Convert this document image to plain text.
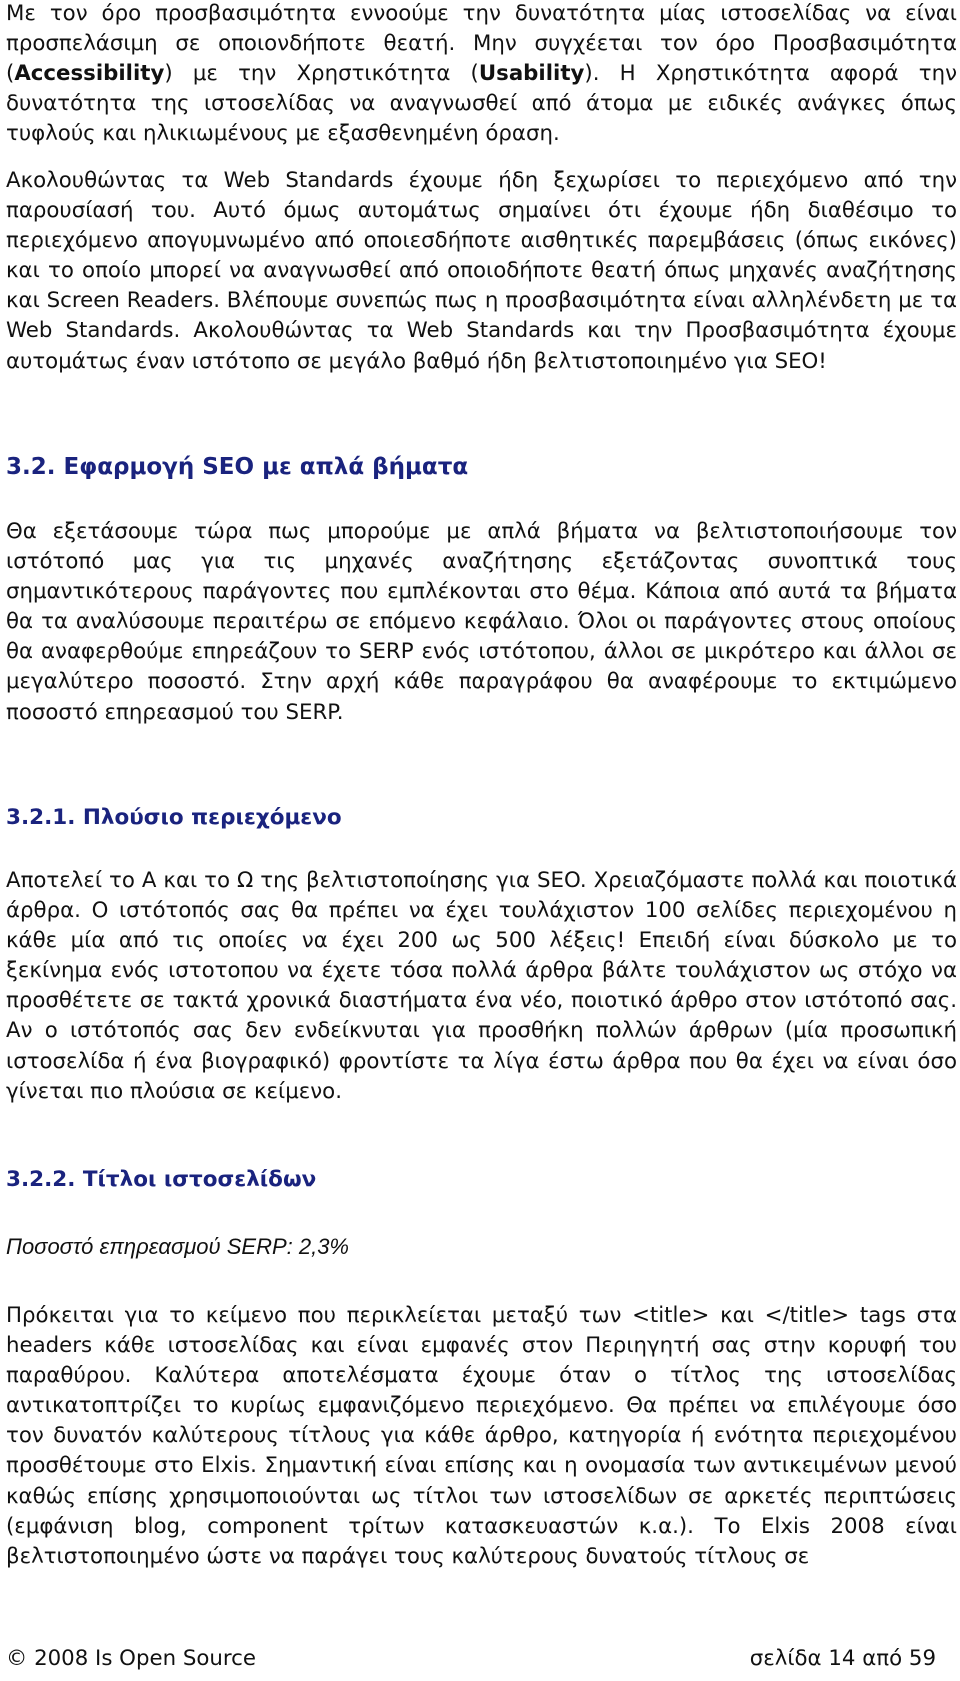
Με τον όρο προσβασιμότητα εννοούμε την δυνατότητα μίας ιστοσελίδας να είναι προσπελάσιμη σε οποιονδήποτε θεατή. Μην συγχέεται τον όρο Προσβασιμότητα (Accessibility) με την Χρηστικότητα (Usability). Η Χρηστικότητα αφορά την δυνατότητα της ιστοσελίδας να αναγνωσθεί από άτομα με ειδικές ανάγκες όπως τυφλούς και ηλικιωμένους με εξασθενημένη όραση.

Ακολουθώντας τα Web Standards έχουμε ήδη ξεχωρίσει το περιεχόμενο από την παρουσίασή του. Αυτό όμως αυτομάτως σημαίνει ότι έχουμε ήδη διαθέσιμο το περιεχόμενο απογυμνωμένο από οποιεσδήποτε αισθητικές παρεμβάσεις (όπως εικόνες) και το οποίο μπορεί να αναγνωσθεί από οποιοδήποτε θεατή όπως μηχανές αναζήτησης και Screen Readers. Βλέπουμε συνεπώς πως η προσβασιμότητα είναι αλληλένδετη με τα Web Standards. Ακολουθώντας τα Web Standards και την Προσβασιμότητα έχουμε αυτομάτως έναν ιστότοπο σε μεγάλο βαθμό ήδη βελτιστοποιημένο για SEO!

3.2. Εφαρμογή SEO με απλά βήματα

Θα εξετάσουμε τώρα πως μπορούμε με απλά βήματα να βελτιστοποιήσουμε τον ιστότοπό μας για τις μηχανές αναζήτησης εξετάζοντας συνοπτικά τους σημαντικότερους παράγοντες που εμπλέκονται στο θέμα. Κάποια από αυτά τα βήματα θα τα αναλύσουμε περαιτέρω σε επόμενο κεφάλαιο. Όλοι οι παράγοντες στους οποίους θα αναφερθούμε επηρεάζουν το SERP ενός ιστότοπου, άλλοι σε μικρότερο και άλλοι σε μεγαλύτερο ποσοστό. Στην αρχή κάθε παραγράφου θα αναφέρουμε το εκτιμώμενο ποσοστό επηρεασμού του SERP.

3.2.1. Πλούσιο περιεχόμενο

Αποτελεί το Α και το Ω της βελτιστοποίησης για SEO. Χρειαζόμαστε πολλά και ποιοτικά άρθρα. Ο ιστότοπός σας θα πρέπει να έχει τουλάχιστον 100 σελίδες περιεχομένου η κάθε μία από τις οποίες να έχει 200 ως 500 λέξεις! Επειδή είναι δύσκολο με το ξεκίνημα ενός ιστοτοπου να έχετε τόσα πολλά άρθρα βάλτε τουλάχιστον ως στόχο να προσθέτετε σε τακτά χρονικά διαστήματα ένα νέο, ποιοτικό άρθρο στον ιστότοπό σας. Αν ο ιστότοπός σας δεν ενδείκνυται για προσθήκη πολλών άρθρων (μία προσωπική ιστοσελίδα ή ένα βιογραφικό) φροντίστε τα λίγα έστω άρθρα που θα έχει να είναι όσο γίνεται πιο πλούσια σε κείμενο.

3.2.2. Τίτλοι ιστοσελίδων

Ποσοστό επηρεασμού SERP: 2,3%

Πρόκειται για το κείμενο που περικλείεται μεταξύ των <title> και </title> tags στα headers κάθε ιστοσελίδας και είναι εμφανές στον Περιηγητή σας στην κορυφή του παραθύρου. Καλύτερα αποτελέσματα έχουμε όταν ο τίτλος της ιστοσελίδας αντικατοπτρίζει το κυρίως εμφανιζόμενο περιεχόμενο. Θα πρέπει να επιλέγουμε όσο τον δυνατόν καλύτερους τίτλους για κάθε άρθρο, κατηγορία ή ενότητα περιεχομένου προσθέτουμε στο Elxis. Σημαντική είναι επίσης και η ονομασία των αντικειμένων μενού καθώς επίσης χρησιμοποιούνται ως τίτλοι των ιστοσελίδων σε αρκετές περιπτώσεις (εμφάνιση blog, component τρίτων κατασκευαστών κ.α.). Το Elxis 2008 είναι βελτιστοποιημένο ώστε να παράγει τους καλύτερους δυνατούς τίτλους σε

© 2008 Is Open Source	σελίδα 14 από 59
